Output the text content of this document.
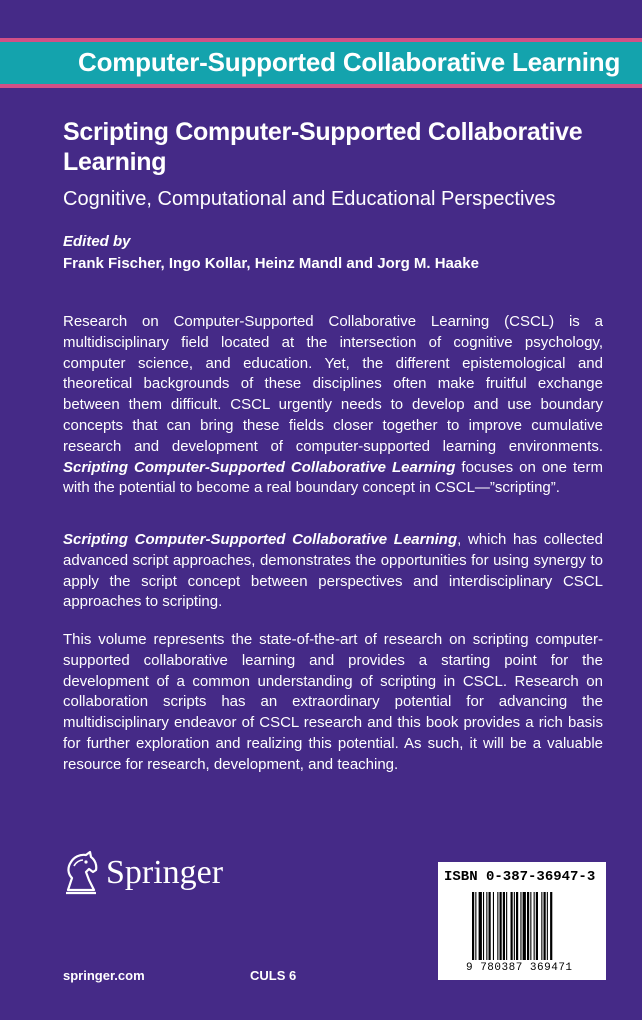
Computer-Supported Collaborative Learning
Scripting Computer-Supported Collaborative Learning
Cognitive, Computational and Educational Perspectives
Edited by
Frank Fischer, Ingo Kollar, Heinz Mandl and Jorg M. Haake
Research on Computer-Supported Collaborative Learning (CSCL) is a multidisciplinary field located at the intersection of cognitive psychology, computer science, and education. Yet, the different epistemological and theoretical backgrounds of these disciplines often make fruitful exchange between them difficult. CSCL urgently needs to develop and use boundary concepts that can bring these fields closer together to improve cumulative research and development of computer-supported learning environments. Scripting Computer-Supported Collaborative Learning focuses on one term with the potential to become a real boundary concept in CSCL—”scripting”.
Scripting Computer-Supported Collaborative Learning, which has collected advanced script approaches, demonstrates the opportunities for using synergy to apply the script concept between perspectives and interdisciplinary CSCL approaches to scripting.
This volume represents the state-of-the-art of research on scripting computer-supported collaborative learning and provides a starting point for the development of a common understanding of scripting in CSCL. Research on collaboration scripts has an extraordinary potential for advancing the multidisciplinary endeavor of CSCL research and this book provides a rich basis for further exploration and realizing this potential. As such, it will be a valuable resource for research, development, and teaching.
Springer
springer.com	CULS 6
ISBN 0-387-36947-3
9 780387 369471
